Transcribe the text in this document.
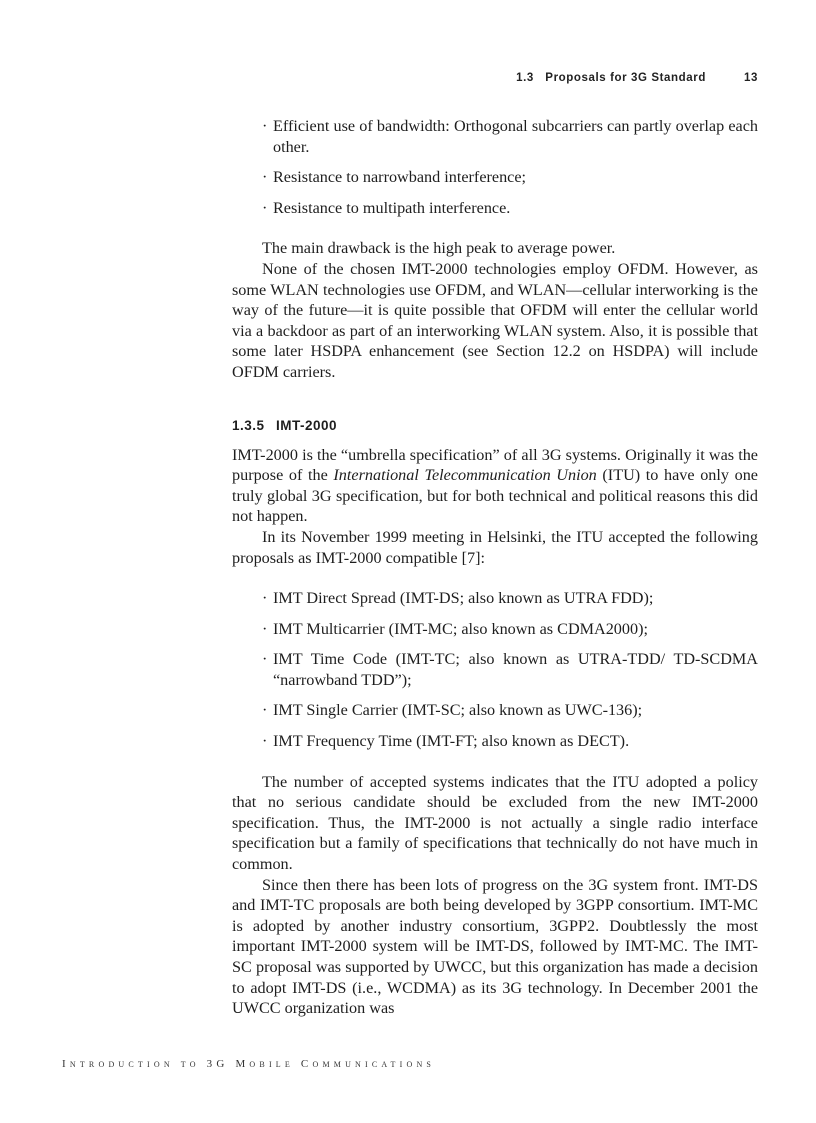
1.3   Proposals for 3G Standard	13
· Efficient use of bandwidth: Orthogonal subcarriers can partly overlap each other.
· Resistance to narrowband interference;
· Resistance to multipath interference.

The main drawback is the high peak to average power.

None of the chosen IMT-2000 technologies employ OFDM. However, as some WLAN technologies use OFDM, and WLAN—cellular interworking is the way of the future—it is quite possible that OFDM will enter the cellular world via a backdoor as part of an interworking WLAN system. Also, it is possible that some later HSDPA enhancement (see Section 12.2 on HSDPA) will include OFDM carriers.

1.3.5 IMT-2000

IMT-2000 is the “umbrella specification” of all 3G systems. Originally it was the purpose of the International Telecommunication Union (ITU) to have only one truly global 3G specification, but for both technical and political reasons this did not happen.

In its November 1999 meeting in Helsinki, the ITU accepted the following proposals as IMT-2000 compatible [7]:

· IMT Direct Spread (IMT-DS; also known as UTRA FDD);
· IMT Multicarrier (IMT-MC; also known as CDMA2000);
· IMT Time Code (IMT-TC; also known as UTRA-TDD/ TD-SCDMA “narrowband TDD”);
· IMT Single Carrier (IMT-SC; also known as UWC-136);
· IMT Frequency Time (IMT-FT; also known as DECT).

The number of accepted systems indicates that the ITU adopted a policy that no serious candidate should be excluded from the new IMT-2000 specification. Thus, the IMT-2000 is not actually a single radio interface specification but a family of specifications that technically do not have much in common.

Since then there has been lots of progress on the 3G system front. IMT-DS and IMT-TC proposals are both being developed by 3GPP consortium. IMT-MC is adopted by another industry consortium, 3GPP2. Doubtlessly the most important IMT-2000 system will be IMT-DS, followed by IMT-MC. The IMT-SC proposal was supported by UWCC, but this organization has made a decision to adopt IMT-DS (i.e., WCDMA) as its 3G technology. In December 2001 the UWCC organization was

Introduction to 3G Mobile Communications
